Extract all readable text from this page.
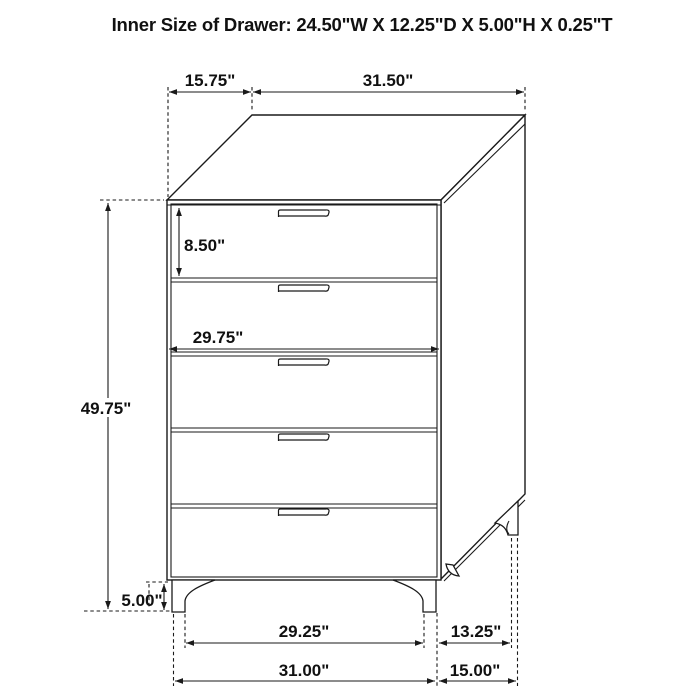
Inner Size of Drawer: 24.50"W X 12.25"D X 5.00"H X 0.25"T
15.75"	31.50"
8.50"
29.75"
49.75"
5.00"
29.25"	13.25"
31.00"	15.00"
